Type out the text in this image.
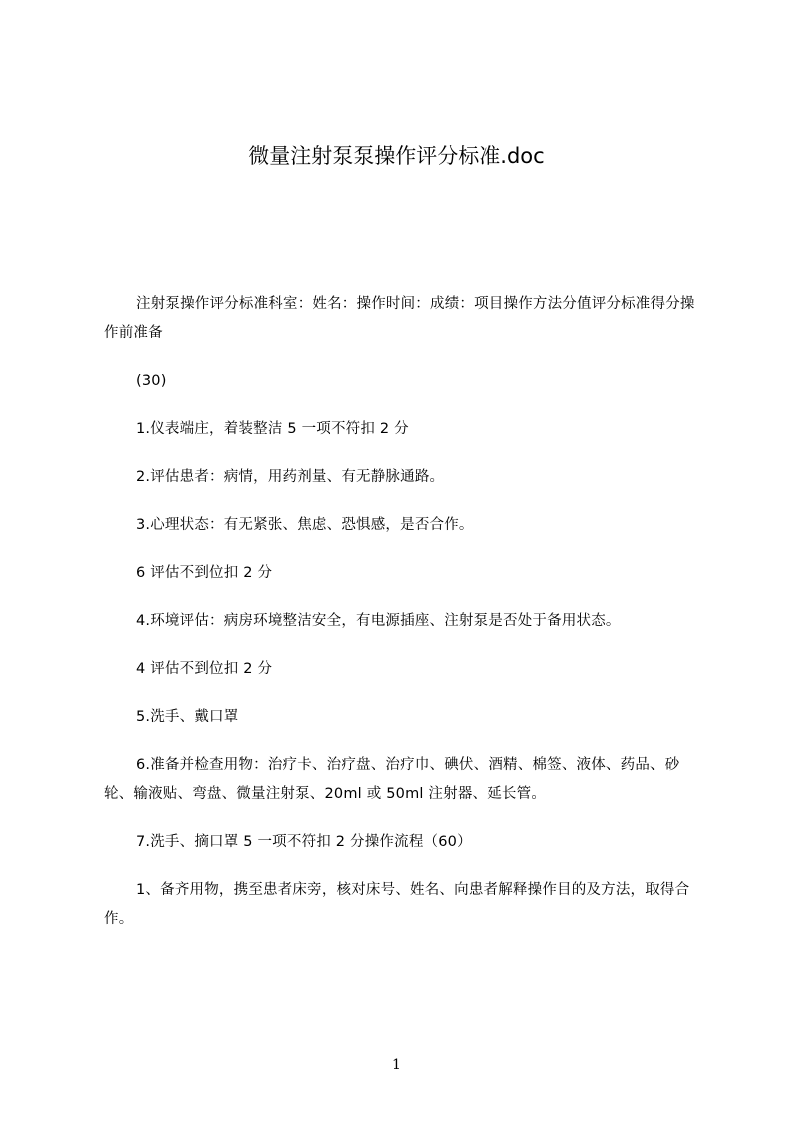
微量注射泵泵操作评分标准.doc

注射泵操作评分标准科室：姓名：操作时间：成绩：项目操作方法分值评分标准得分操作前准备

(30)

1.仪表端庄，着装整洁 5 一项不符扣 2 分

2.评估患者：病情，用药剂量、有无静脉通路。

3.心理状态：有无紧张、焦虑、恐惧感，是否合作。

6 评估不到位扣 2 分

4.环境评估：病房环境整洁安全，有电源插座、注射泵是否处于备用状态。

4 评估不到位扣 2 分

5.洗手、戴口罩

6.准备并检查用物：治疗卡、治疗盘、治疗巾、碘伏、酒精、棉签、液体、药品、砂轮、输液贴、弯盘、微量注射泵、20ml 或 50ml 注射器、延长管。

7.洗手、摘口罩 5 一项不符扣 2 分操作流程（60）

1、备齐用物，携至患者床旁，核对床号、姓名、向患者解释操作目的及方法，取得合作。

1
